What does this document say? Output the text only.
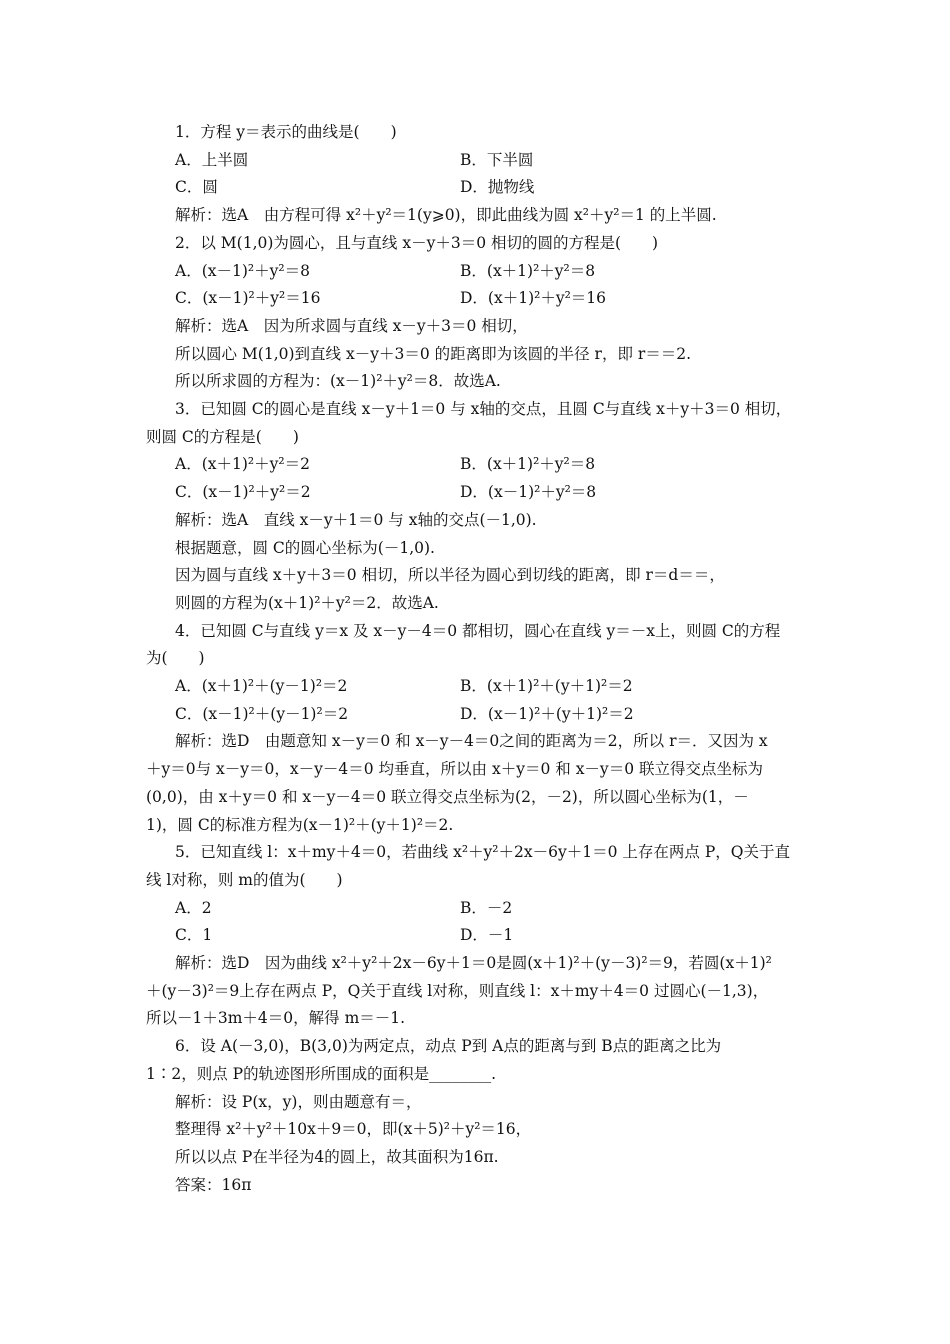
1．方程 y＝表示的曲线是(　　)
A．上半圆	B．下半圆
C．圆	D．抛物线
解析：选A　由方程可得 x²＋y²＝1(y⩾0)，即此曲线为圆 x²＋y²＝1 的上半圆.
2．以 M(1,0)为圆心，且与直线 x－y＋3＝0 相切的圆的方程是(　　)
A．(x－1)²＋y²＝8	B．(x＋1)²＋y²＝8
C．(x－1)²＋y²＝16	D．(x＋1)²＋y²＝16
解析：选A　因为所求圆与直线 x－y＋3＝0 相切，
所以圆心 M(1,0)到直线 x－y＋3＝0 的距离即为该圆的半径 r，即 r＝＝2.
所以所求圆的方程为：(x－1)²＋y²＝8．故选A.
3．已知圆 C的圆心是直线 x－y＋1＝0 与 x轴的交点，且圆 C与直线 x＋y＋3＝0 相切，
则圆 C的方程是(　　)
A．(x＋1)²＋y²＝2	B．(x＋1)²＋y²＝8
C．(x－1)²＋y²＝2	D．(x－1)²＋y²＝8
解析：选A　直线 x－y＋1＝0 与 x轴的交点(－1,0).
根据题意，圆 C的圆心坐标为(－1,0).
因为圆与直线 x＋y＋3＝0 相切，所以半径为圆心到切线的距离，即 r＝d＝＝，
则圆的方程为(x＋1)²＋y²＝2．故选A.
4．已知圆 C与直线 y＝x 及 x－y－4＝0 都相切，圆心在直线 y＝－x上，则圆 C的方程
为(　　)
A．(x＋1)²＋(y－1)²＝2	B．(x＋1)²＋(y＋1)²＝2
C．(x－1)²＋(y－1)²＝2	D．(x－1)²＋(y＋1)²＝2
解析：选D　由题意知 x－y＝0 和 x－y－4＝0之间的距离为＝2，所以 r＝．又因为 x
＋y＝0与 x－y＝0，x－y－4＝0 均垂直，所以由 x＋y＝0 和 x－y＝0 联立得交点坐标为
(0,0)，由 x＋y＝0 和 x－y－4＝0 联立得交点坐标为(2，－2)，所以圆心坐标为(1，－
1)，圆 C的标准方程为(x－1)²＋(y＋1)²＝2.
5．已知直线 l：x＋my＋4＝0，若曲线 x²＋y²＋2x－6y＋1＝0 上存在两点 P，Q关于直
线 l对称，则 m的值为(　　)
A．2	B．－2
C．1	D．－1
解析：选D　因为曲线 x²＋y²＋2x－6y＋1＝0是圆(x＋1)²＋(y－3)²＝9，若圆(x＋1)²
＋(y－3)²＝9上存在两点 P，Q关于直线 l对称，则直线 l：x＋my＋4＝0 过圆心(－1,3)，
所以－1＋3m＋4＝0，解得 m＝－1.
6．设 A(－3,0)，B(3,0)为两定点，动点 P到 A点的距离与到 B点的距离之比为
1∶2，则点 P的轨迹图形所围成的面积是________.
解析：设 P(x，y)，则由题意有＝，
整理得 x²＋y²＋10x＋9＝0，即(x＋5)²＋y²＝16，
所以以点 P在半径为4的圆上，故其面积为16π.
答案：16π
